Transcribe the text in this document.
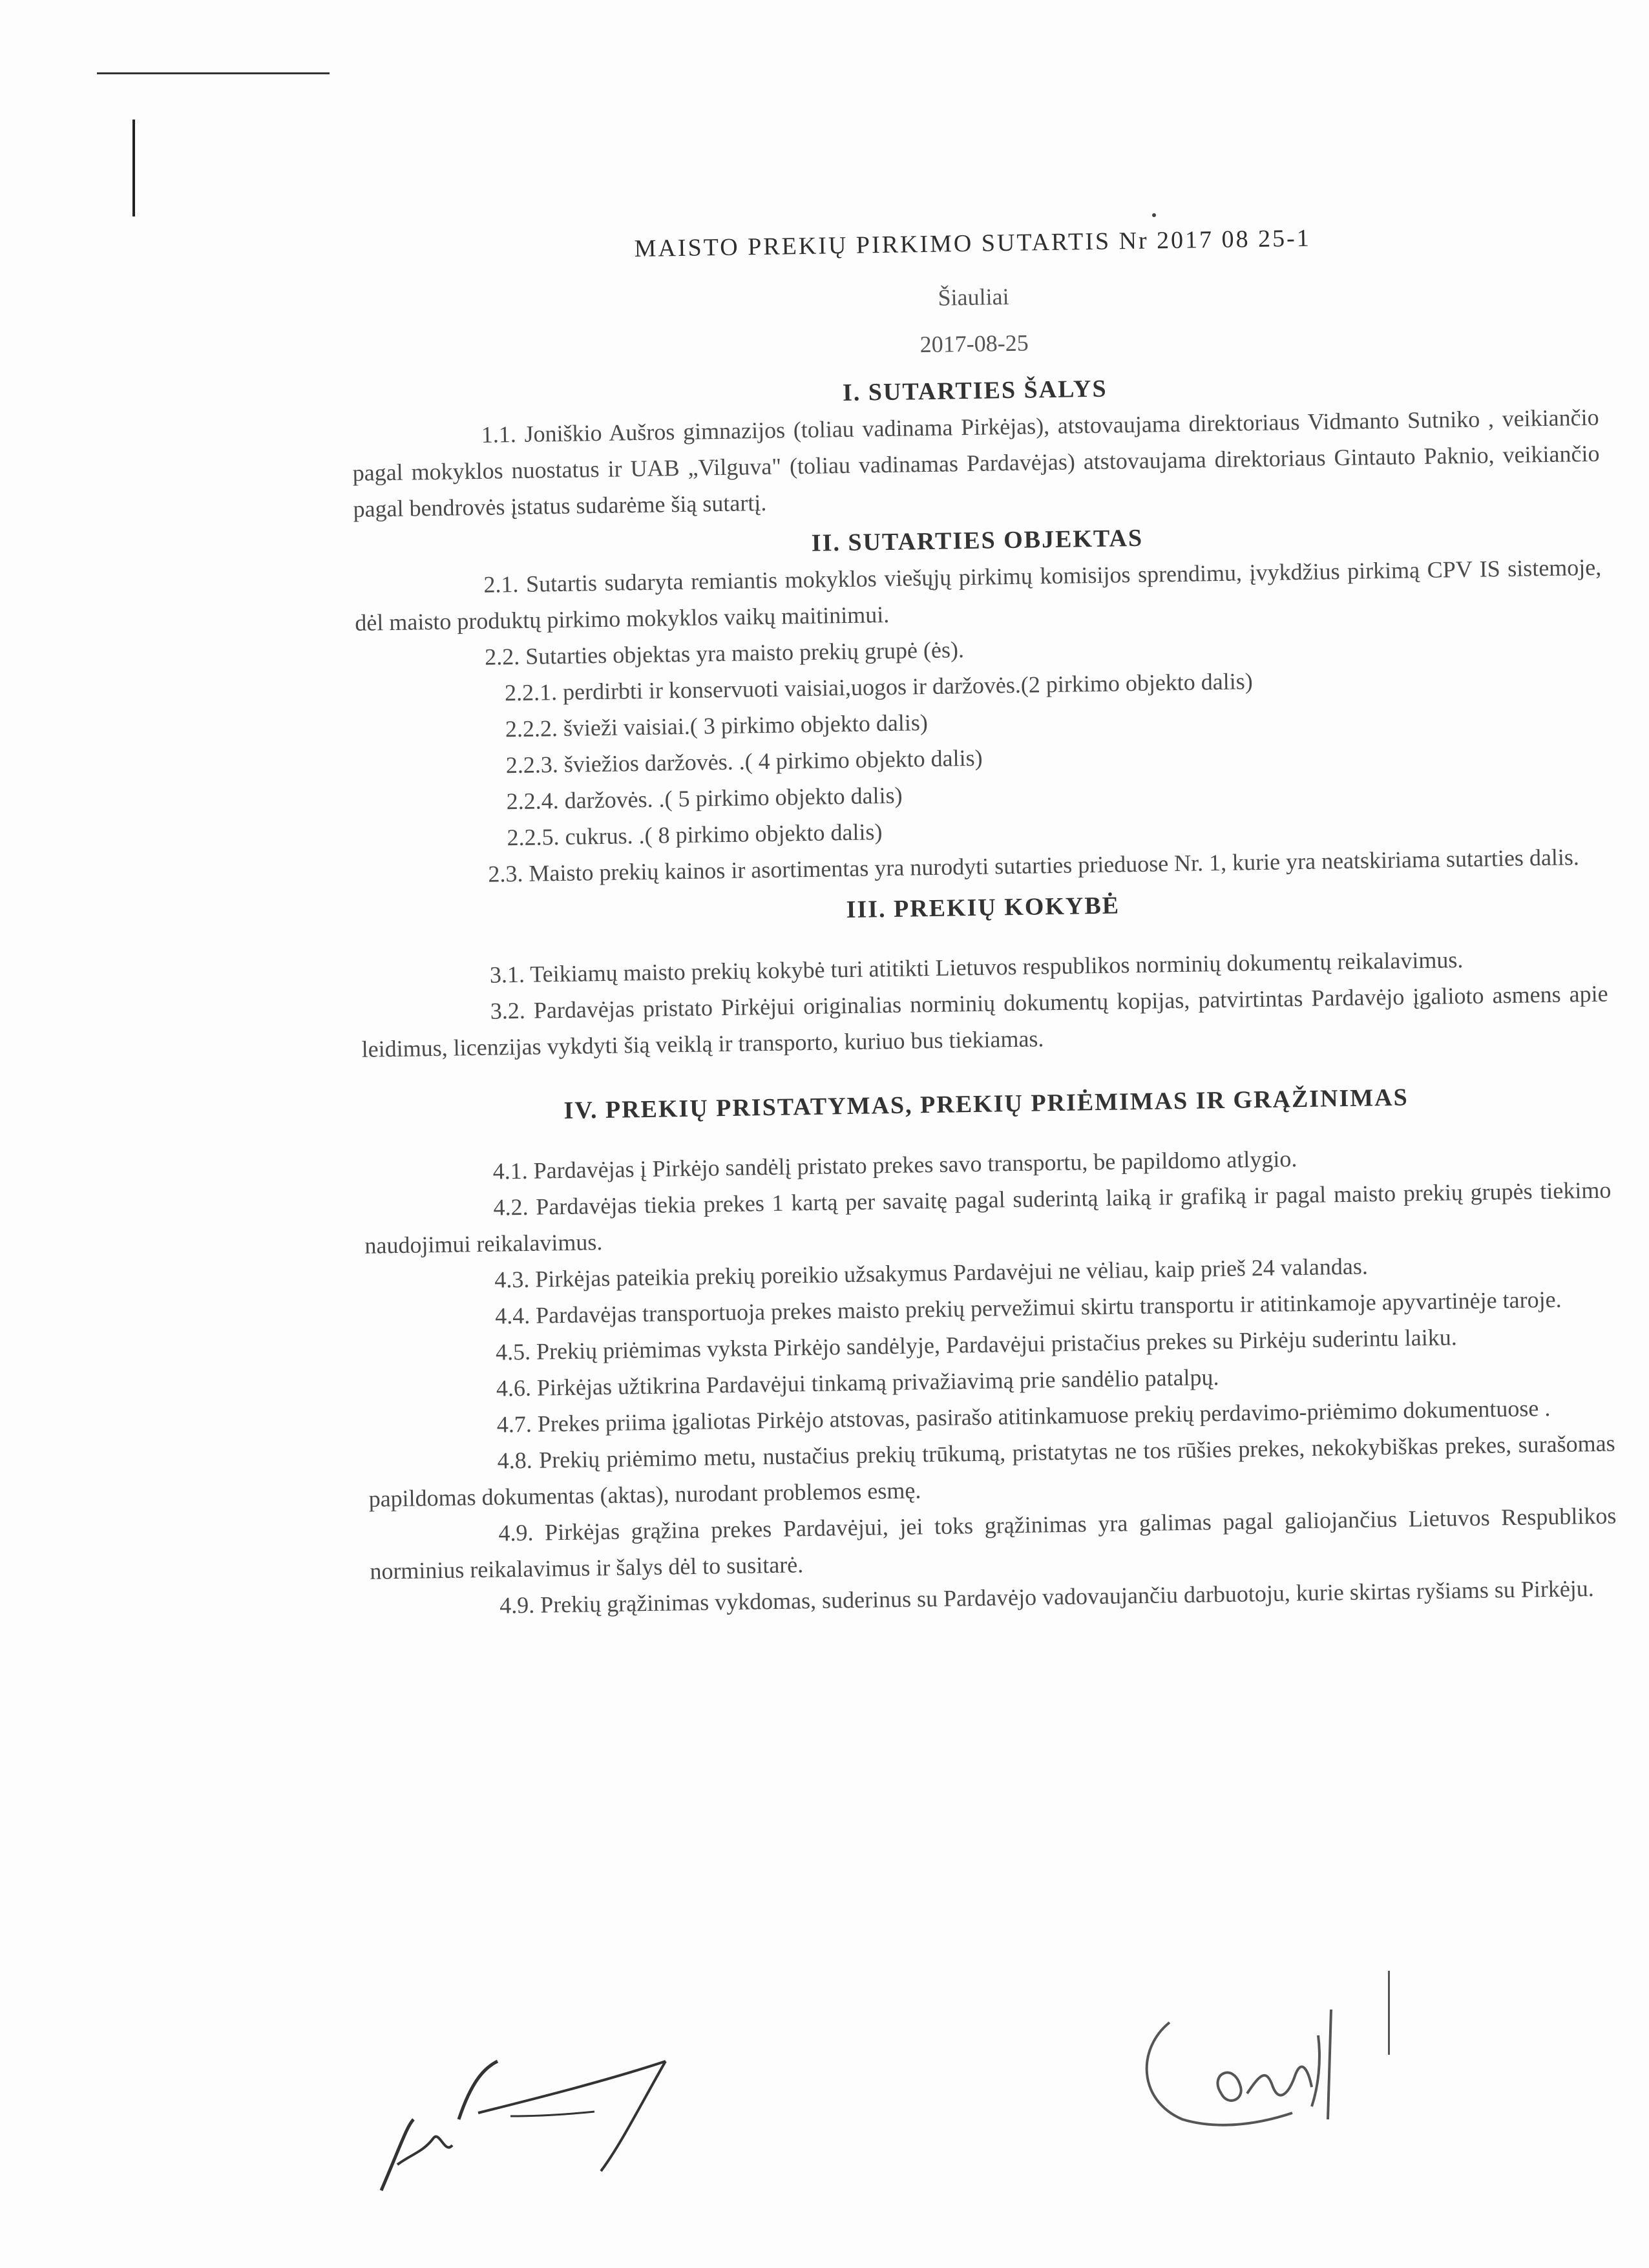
MAISTO PREKIŲ PIRKIMO SUTARTIS Nr 2017 08 25-1
Šiauliai
2017-08-25
I. SUTARTIES ŠALYS

1.1. Joniškio Aušros gimnazijos (toliau vadinama Pirkėjas), atstovaujama direktoriaus Vidmanto Sutniko , veikiančio pagal mokyklos nuostatus ir UAB „Vilguva" (toliau vadinamas Pardavėjas) atstovaujama direktoriaus Gintauto Paknio, veikiančio pagal bendrovės įstatus sudarėme šią sutartį.

II. SUTARTIES OBJEKTAS

2.1. Sutartis sudaryta remiantis mokyklos viešųjų pirkimų komisijos sprendimu, įvykdžius pirkimą CPV IS sistemoje, dėl maisto produktų pirkimo mokyklos vaikų maitinimui.

2.2. Sutarties objektas yra maisto prekių grupė (ės).

2.2.1. perdirbti ir konservuoti vaisiai,uogos ir daržovės.(2 pirkimo objekto dalis)

2.2.2. švieži vaisiai.( 3 pirkimo objekto dalis)

2.2.3. šviežios daržovės. .( 4 pirkimo objekto dalis)

2.2.4. daržovės. .( 5 pirkimo objekto dalis)

2.2.5. cukrus. .( 8 pirkimo objekto dalis)

2.3. Maisto prekių kainos ir asortimentas yra nurodyti sutarties prieduose Nr. 1, kurie yra neatskiriama sutarties dalis.

III. PREKIŲ KOKYBĖ

3.1. Teikiamų maisto prekių kokybė turi atitikti Lietuvos respublikos norminių dokumentų reikalavimus.

3.2. Pardavėjas pristato Pirkėjui originalias norminių dokumentų kopijas, patvirtintas Pardavėjo įgalioto asmens apie leidimus, licenzijas vykdyti šią veiklą ir transporto, kuriuo bus tiekiamas.

IV. PREKIŲ PRISTATYMAS, PREKIŲ PRIĖMIMAS IR GRĄŽINIMAS

4.1. Pardavėjas į Pirkėjo sandėlį pristato prekes savo transportu, be papildomo atlygio.

4.2. Pardavėjas tiekia prekes 1 kartą per savaitę pagal suderintą laiką ir grafiką ir pagal maisto prekių grupės tiekimo naudojimui reikalavimus.

4.3. Pirkėjas pateikia prekių poreikio užsakymus Pardavėjui ne vėliau, kaip prieš 24 valandas.

4.4. Pardavėjas transportuoja prekes maisto prekių pervežimui skirtu transportu ir atitinkamoje apyvartinėje taroje.

4.5. Prekių priėmimas vyksta Pirkėjo sandėlyje, Pardavėjui pristačius prekes su Pirkėju suderintu laiku.

4.6. Pirkėjas užtikrina Pardavėjui tinkamą privažiavimą prie sandėlio patalpų.

4.7. Prekes priima įgaliotas Pirkėjo atstovas, pasirašo atitinkamuose prekių perdavimo-priėmimo dokumentuose .

4.8. Prekių priėmimo metu, nustačius prekių trūkumą, pristatytas ne tos rūšies prekes, nekokybiškas prekes, surašomas papildomas dokumentas (aktas), nurodant problemos esmę.

4.9. Pirkėjas grąžina prekes Pardavėjui, jei toks grąžinimas yra galimas pagal galiojančius Lietuvos Respublikos norminius reikalavimus ir šalys dėl to susitarė.

4.9. Prekių grąžinimas vykdomas, suderinus su Pardavėjo vadovaujančiu darbuotoju, kurie skirtas ryšiams su Pirkėju.
